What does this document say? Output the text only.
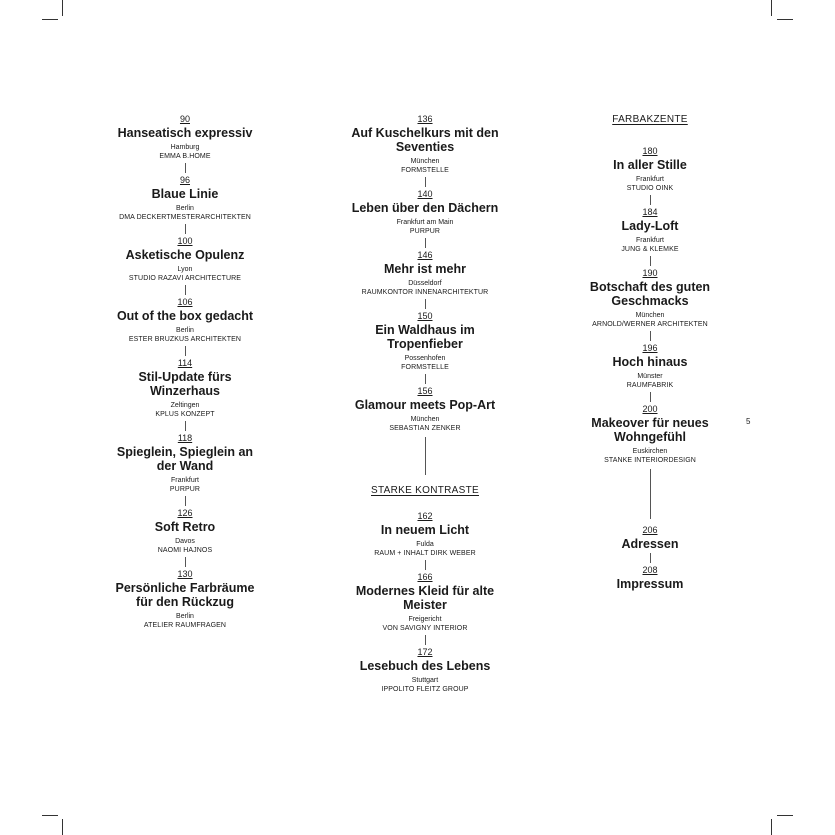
90
Hanseatisch expressiv
Hamburg
EMMA B.HOME
96
Blaue Linie
Berlin
DMA DECKERTMESTERARCHITEKTEN
100
Asketische Opulenz
Lyon
STUDIO RAZAVI ARCHITECTURE
106
Out of the box gedacht
Berlin
ESTER BRUZKUS ARCHITEKTEN
114
Stil-Update fürs Winzerhaus
Zeltingen
KPLUS KONZEPT
118
Spieglein, Spieglein an der Wand
Frankfurt
PURPUR
126
Soft Retro
Davos
NAOMI HAJNOS
130
Persönliche Farbräume für den Rückzug
Berlin
ATELIER RAUMFRAGEN
136
Auf Kuschelkurs mit den Seventies
München
FORMSTELLE
140
Leben über den Dächern
Frankfurt am Main
PURPUR
146
Mehr ist mehr
Düsseldorf
RAUMKONTOR INNENARCHITEKTUR
150
Ein Waldhaus im Tropenfieber
Possenhofen
FORMSTELLE
156
Glamour meets Pop-Art
München
SEBASTIAN ZENKER
STARKE KONTRASTE
162
In neuem Licht
Fulda
RAUM + INHALT DIRK WEBER
166
Modernes Kleid für alte Meister
Freigericht
VON SAVIGNY INTERIOR
172
Lesebuch des Lebens
Stuttgart
IPPOLITO FLEITZ GROUP
FARBAKZENTE
180
In aller Stille
Frankfurt
STUDIO OINK
184
Lady-Loft
Frankfurt
JUNG & KLEMKE
190
Botschaft des guten Geschmacks
München
ARNOLD/WERNER ARCHITEKTEN
196
Hoch hinaus
Münster
RAUMFABRIK
200
Makeover für neues Wohngefühl
Euskirchen
STANKE INTERIORDESIGN
206
Adressen
208
Impressum
5
